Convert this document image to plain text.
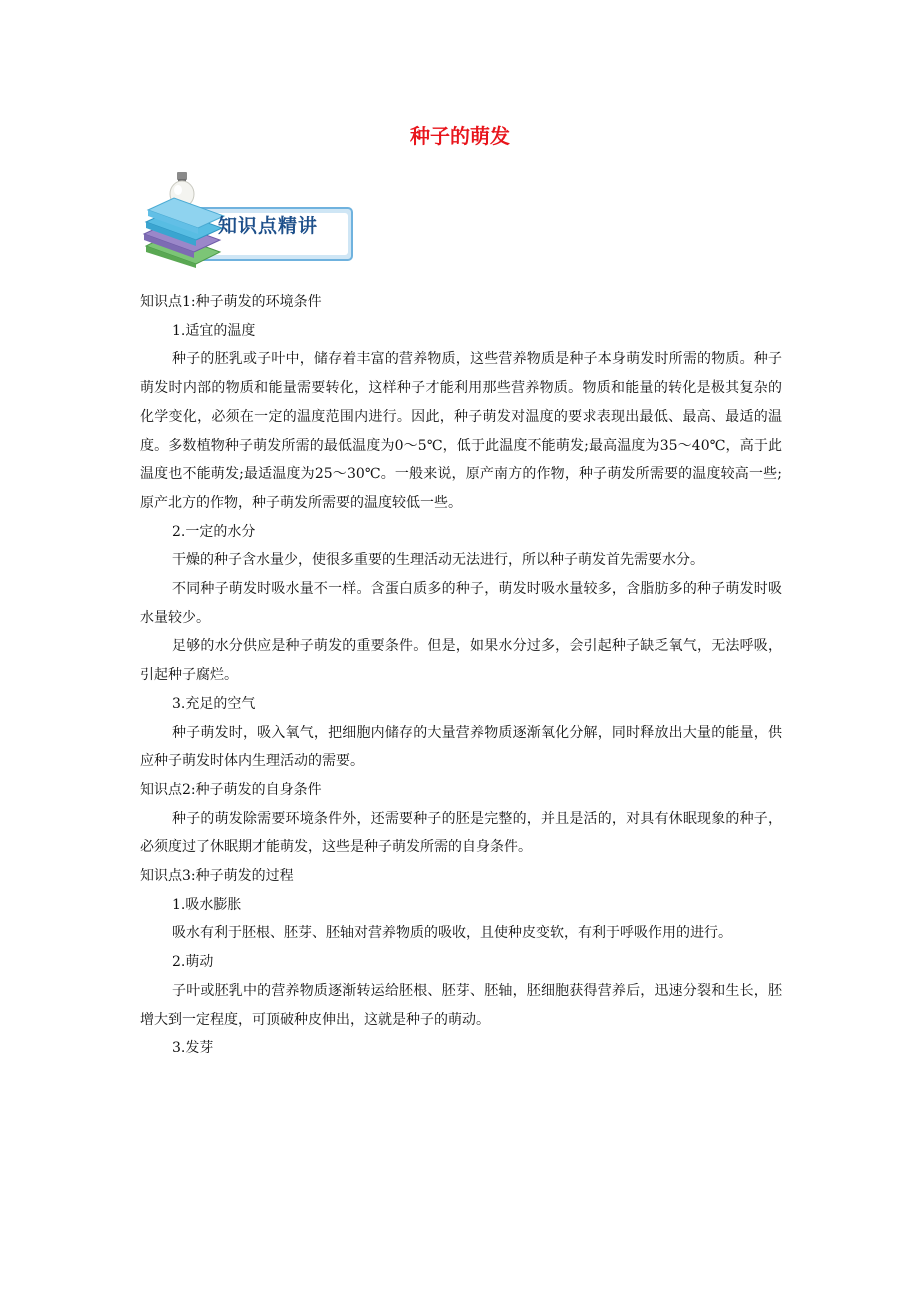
种子的萌发
知识点精讲

知识点1:种子萌发的环境条件

1.适宜的温度

种子的胚乳或子叶中，储存着丰富的营养物质，这些营养物质是种子本身萌发时所需的物质。种子萌发时内部的物质和能量需要转化，这样种子才能利用那些营养物质。物质和能量的转化是极其复杂的化学变化，必须在一定的温度范围内进行。因此，种子萌发对温度的要求表现出最低、最高、最适的温度。多数植物种子萌发所需的最低温度为0～5℃，低于此温度不能萌发;最高温度为35～40℃，高于此温度也不能萌发;最适温度为25～30℃。一般来说，原产南方的作物，种子萌发所需要的温度较高一些;原产北方的作物，种子萌发所需要的温度较低一些。

2.一定的水分

干燥的种子含水量少，使很多重要的生理活动无法进行，所以种子萌发首先需要水分。

不同种子萌发时吸水量不一样。含蛋白质多的种子，萌发时吸水量较多，含脂肪多的种子萌发时吸水量较少。

足够的水分供应是种子萌发的重要条件。但是，如果水分过多，会引起种子缺乏氧气，无法呼吸，引起种子腐烂。

3.充足的空气

种子萌发时，吸入氧气，把细胞内储存的大量营养物质逐渐氧化分解，同时释放出大量的能量，供应种子萌发时体内生理活动的需要。

知识点2:种子萌发的自身条件

种子的萌发除需要环境条件外，还需要种子的胚是完整的，并且是活的，对具有休眠现象的种子，必须度过了休眠期才能萌发，这些是种子萌发所需的自身条件。

知识点3:种子萌发的过程

1.吸水膨胀

吸水有利于胚根、胚芽、胚轴对营养物质的吸收，且使种皮变软，有利于呼吸作用的进行。

2.萌动

子叶或胚乳中的营养物质逐渐转运给胚根、胚芽、胚轴，胚细胞获得营养后，迅速分裂和生长，胚增大到一定程度，可顶破种皮伸出，这就是种子的萌动。

3.发芽
